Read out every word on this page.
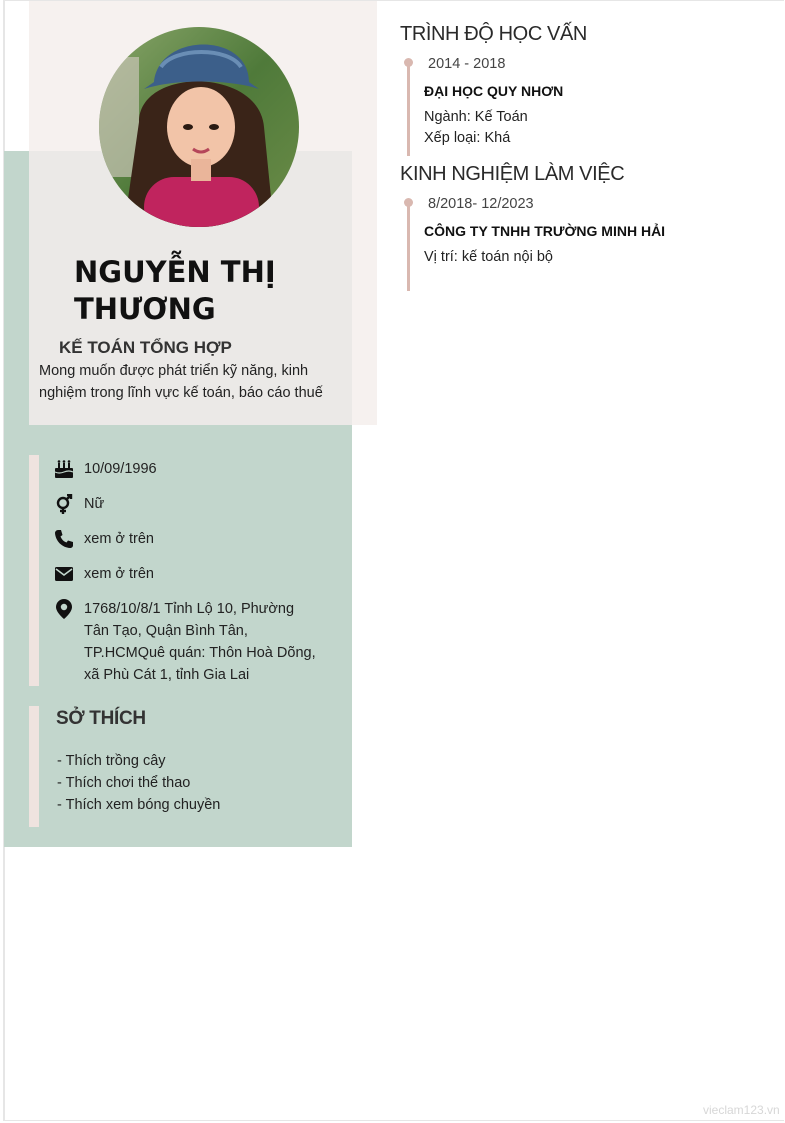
NGUYỄN THỊ THƯƠNG
KẾ TOÁN TỔNG HỢP
Mong muốn được phát triển kỹ năng, kinh nghiệm trong lĩnh vực kế toán, báo cáo thuế
10/09/1996
Nữ
xem ở trên
xem ở trên
1768/10/8/1 Tỉnh Lộ 10, Phường Tân Tạo, Quận Bình Tân, TP.HCMQuê quán: Thôn Hoà Dõng, xã Phù Cát 1, tỉnh Gia Lai
SỞ THÍCH
- Thích trồng cây
- Thích chơi thể thao
- Thích xem bóng chuyền
TRÌNH ĐỘ HỌC VẤN
2014 - 2018
ĐẠI HỌC QUY NHƠN
Ngành: Kế Toán
Xếp loại: Khá
KINH NGHIỆM LÀM VIỆC
8/2018- 12/2023
CÔNG TY TNHH TRƯỜNG MINH HẢI
Vị trí: kế toán nội bộ
vieclam123.vn
